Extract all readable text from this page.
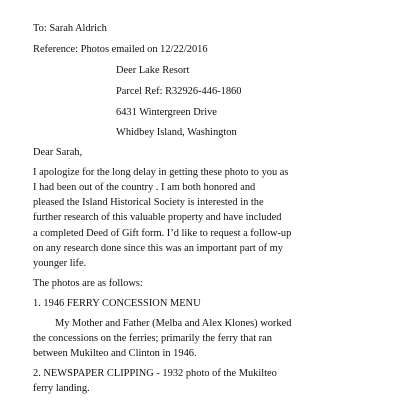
To: Sarah Aldrich
Reference: Photos emailed on 12/22/2016
Deer Lake Resort
Parcel Ref: R32926-446-1860
6431 Wintergreen Drive
Whidbey Island, Washington
Dear Sarah,
I apologize for the long delay in getting these photo to you as
I had been out of the country . I am both honored and
pleased the Island Historical Society is interested in the
further research of this valuable property and have included
a completed Deed of Gift form. I’d like to request a follow-up
on any research done since this was an important part of my
younger life.
The photos are as follows:
1. 1946 FERRY CONCESSION MENU
My Mother and Father (Melba and Alex Klones) worked
the concessions on the ferries; primarily the ferry that ran
between Mukilteo and Clinton in 1946.
2. NEWSPAPER CLIPPING - 1932 photo of the Mukilteo
ferry landing.
